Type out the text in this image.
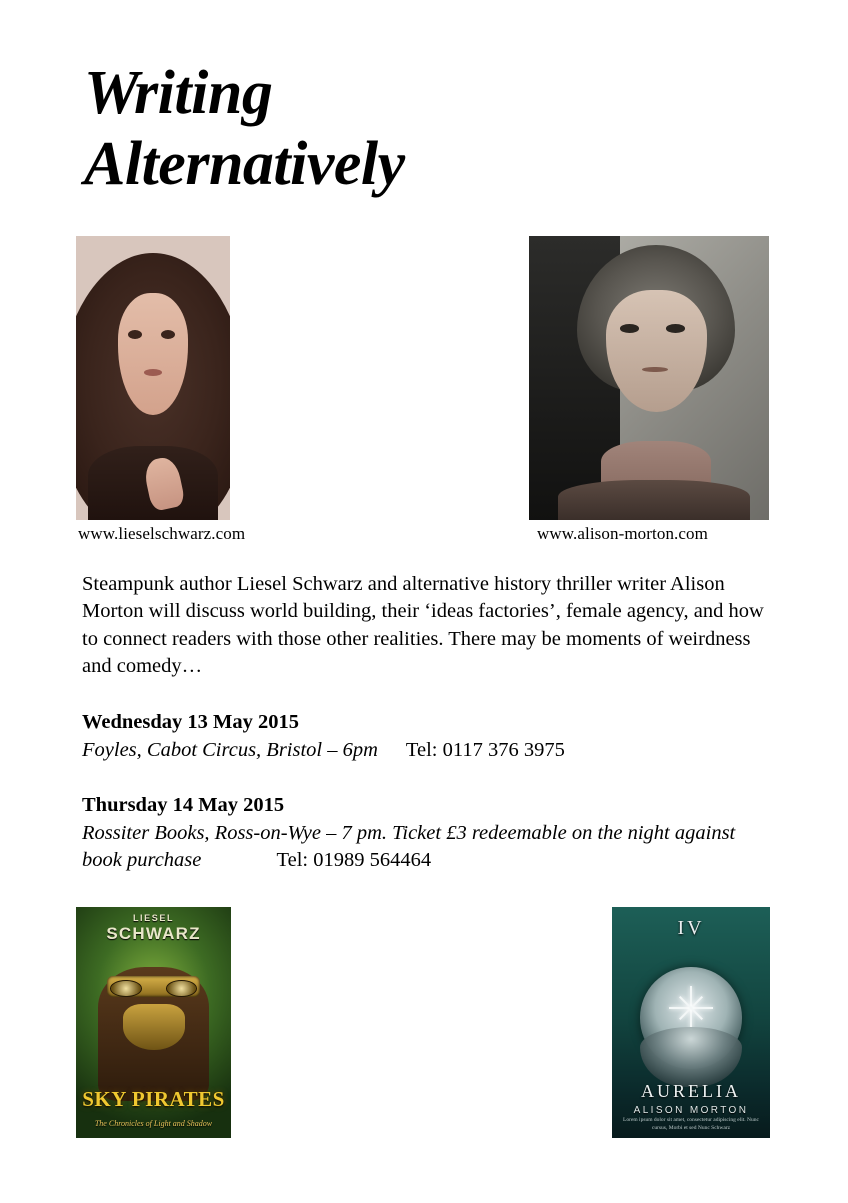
Writing
Alternatively
www.lieselschwarz.com	www.alison-morton.com
Steampunk author Liesel Schwarz and alternative history thriller writer Alison Morton will discuss world building, their ‘ideas factories’, female agency, and how to connect readers with those other realities. There may be moments of weirdness and comedy…
Wednesday 13 May 2015
Foyles, Cabot Circus, Bristol – 6pm Tel: 0117 376 3975
Thursday 14 May 2015
Rossiter Books, Ross-on-Wye – 7 pm. Ticket £3 redeemable on the night against book purchase	Tel: 01989 564464
LIESEL
SCHWARZ
SKY PIRATES
The Chronicles of Light and Shadow
IV
AURELIA
ALISON MORTON
Lorem ipsum dolor sit amet, consectetur adipiscing elit. Nunc cursus, Morbi et sed Nunc Schwarz
